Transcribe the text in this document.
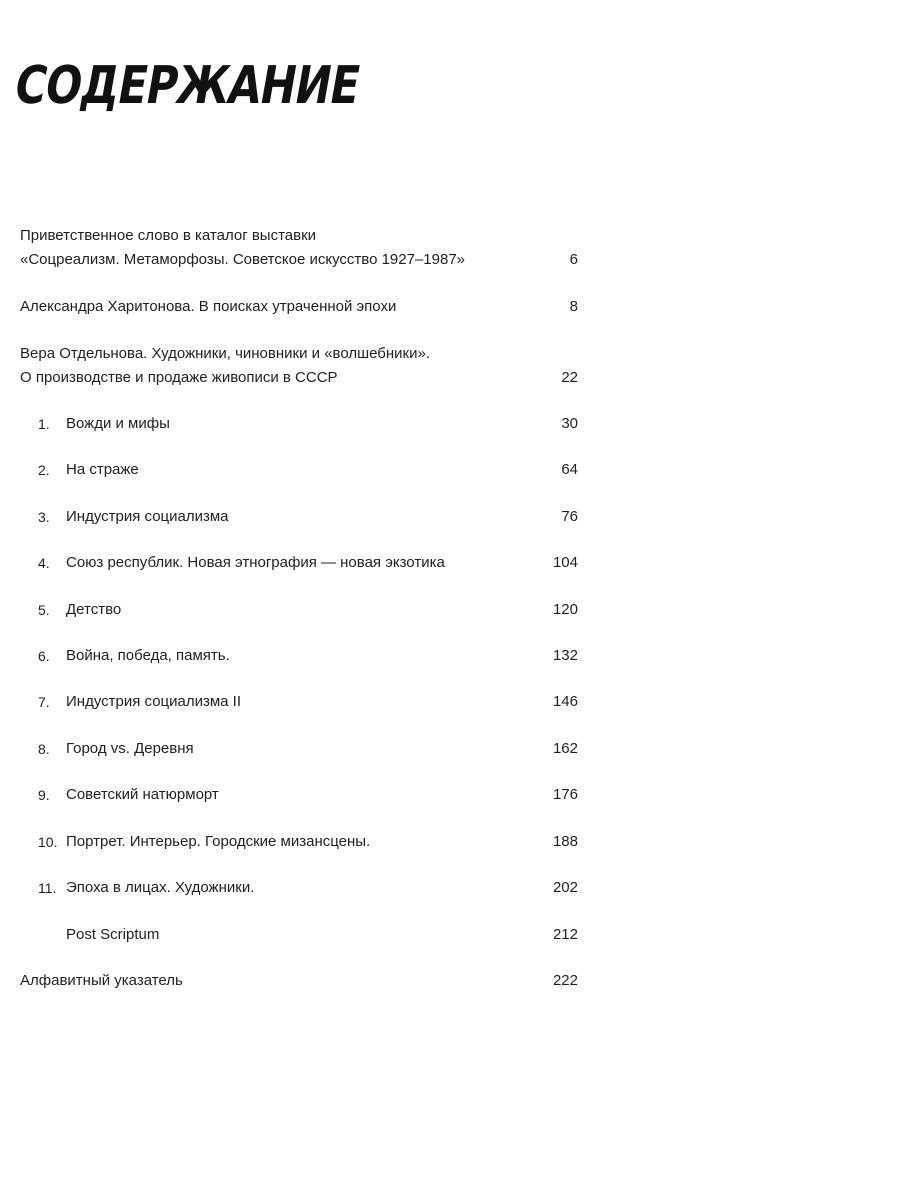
СОДЕРЖАНИЕ
Приветственное слово в каталог выставки
«Соцреализм. Метаморфозы. Советское искусство 1927–1987»	6
Александра Харитонова. В поисках утраченной эпохи	8
Вера Отдельнова. Художники, чиновники и «волшебники».
О производстве и продаже живописи в СССР	22
1.	Вожди и мифы	30
2.	На страже	64
3.	Индустрия социализма	76
4.	Союз республик. Новая этнография — новая экзотика	104
5.	Детство	120
6.	Война, победа, память.	132
7.	Индустрия социализма II	146
8.	Город vs. Деревня	162
9.	Советский натюрморт	176
10. Портрет. Интерьер. Городские мизансцены.	188
11. Эпоха в лицах. Художники.	202
Post Scriptum	212
Алфавитный указатель	222
